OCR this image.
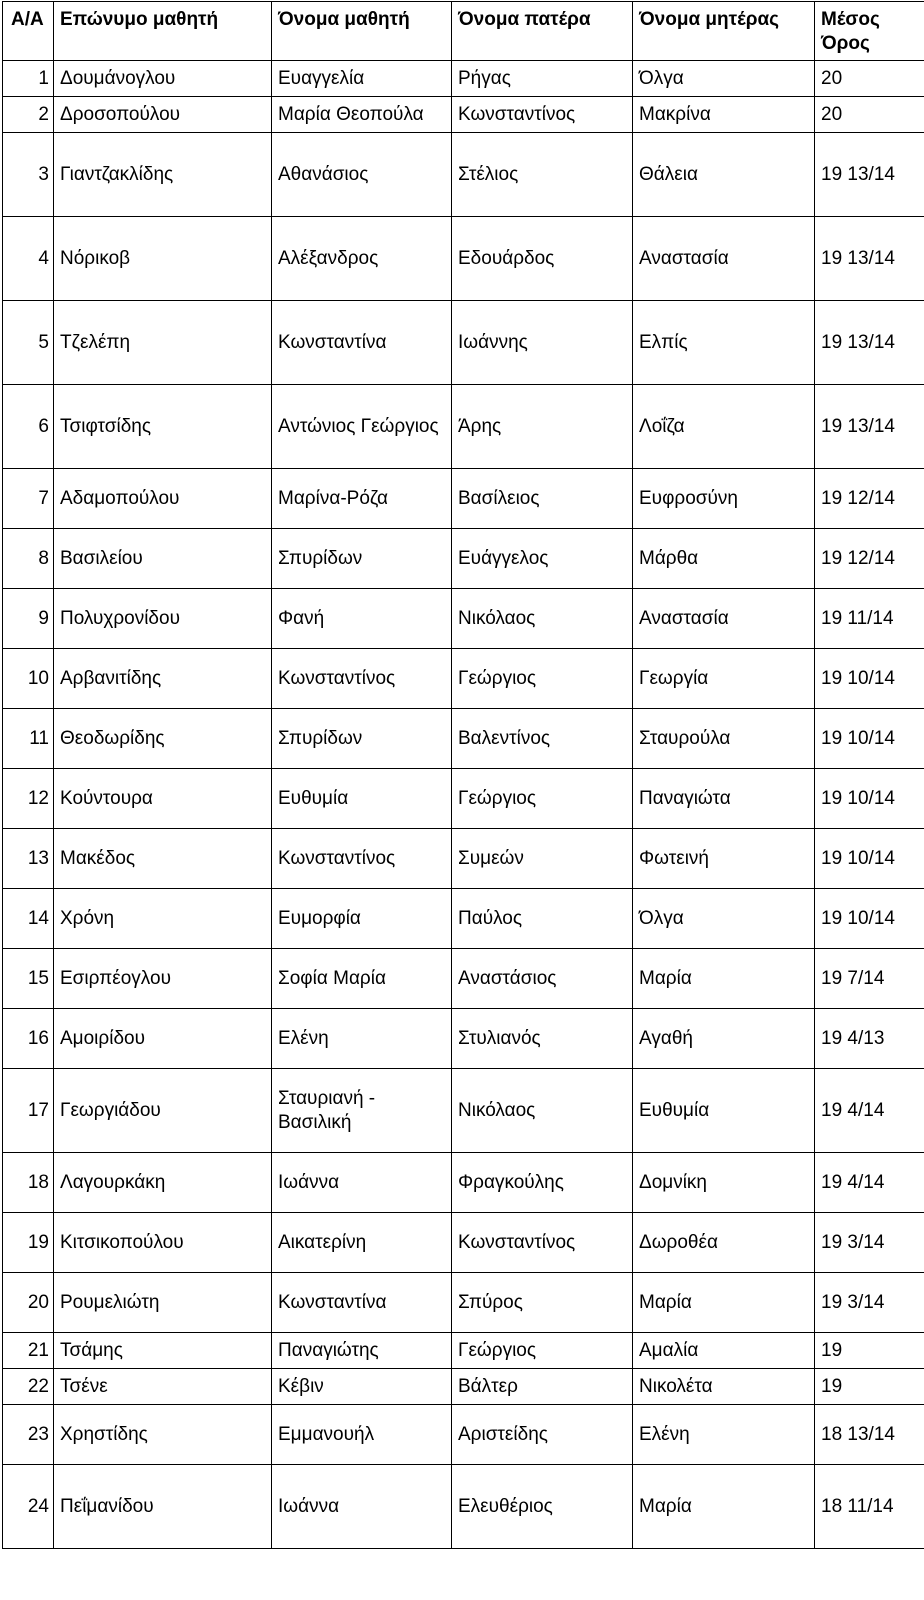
Α/Α	Επώνυμο μαθητή	Όνομα μαθητή	Όνομα πατέρα	Όνομα μητέρας	Μέσος Όρος
1	Δουμάνογλου	Ευαγγελία	Ρήγας	Όλγα	20
2	Δροσοπούλου	Μαρία Θεοπούλα	Κωνσταντίνος	Μακρίνα	20
3	Γιαντζακλίδης	Αθανάσιος	Στέλιος	Θάλεια	19 13/14
4	Νόρικοβ	Αλέξανδρος	Εδουάρδος	Αναστασία	19 13/14
5	Τζελέπη	Κωνσταντίνα	Ιωάννης	Ελπίς	19 13/14
6	Τσιφτσίδης	Αντώνιος Γεώργιος	Άρης	Λοΐζα	19 13/14
7	Αδαμοπούλου	Μαρίνα-Ρόζα	Βασίλειος	Ευφροσύνη	19 12/14
8	Βασιλείου	Σπυρίδων	Ευάγγελος	Μάρθα	19 12/14
9	Πολυχρονίδου	Φανή	Νικόλαος	Αναστασία	19 11/14
10	Αρβανιτίδης	Κωνσταντίνος	Γεώργιος	Γεωργία	19 10/14
11	Θεοδωρίδης	Σπυρίδων	Βαλεντίνος	Σταυρούλα	19 10/14
12	Κούντουρα	Ευθυμία	Γεώργιος	Παναγιώτα	19 10/14
13	Μακέδος	Κωνσταντίνος	Συμεών	Φωτεινή	19 10/14
14	Χρόνη	Ευμορφία	Παύλος	Όλγα	19 10/14
15	Εσιρπέογλου	Σοφία Μαρία	Αναστάσιος	Μαρία	19 7/14
16	Αμοιρίδου	Ελένη	Στυλιανός	Αγαθή	19 4/13
17	Γεωργιάδου	Σταυριανή - Βασιλική	Νικόλαος	Ευθυμία	19 4/14
18	Λαγουρκάκη	Ιωάννα	Φραγκούλης	Δομνίκη	19 4/14
19	Κιτσικοπούλου	Αικατερίνη	Κωνσταντίνος	Δωροθέα	19 3/14
20	Ρουμελιώτη	Κωνσταντίνα	Σπύρος	Μαρία	19 3/14
21	Τσάμης	Παναγιώτης	Γεώργιος	Αμαλία	19
22	Τσένε	Κέβιν	Βάλτερ	Νικολέτα	19
23	Χρηστίδης	Εμμανουήλ	Αριστείδης	Ελένη	18 13/14
24	Πεΐμανίδου	Ιωάννα	Ελευθέριος	Μαρία	18 11/14
